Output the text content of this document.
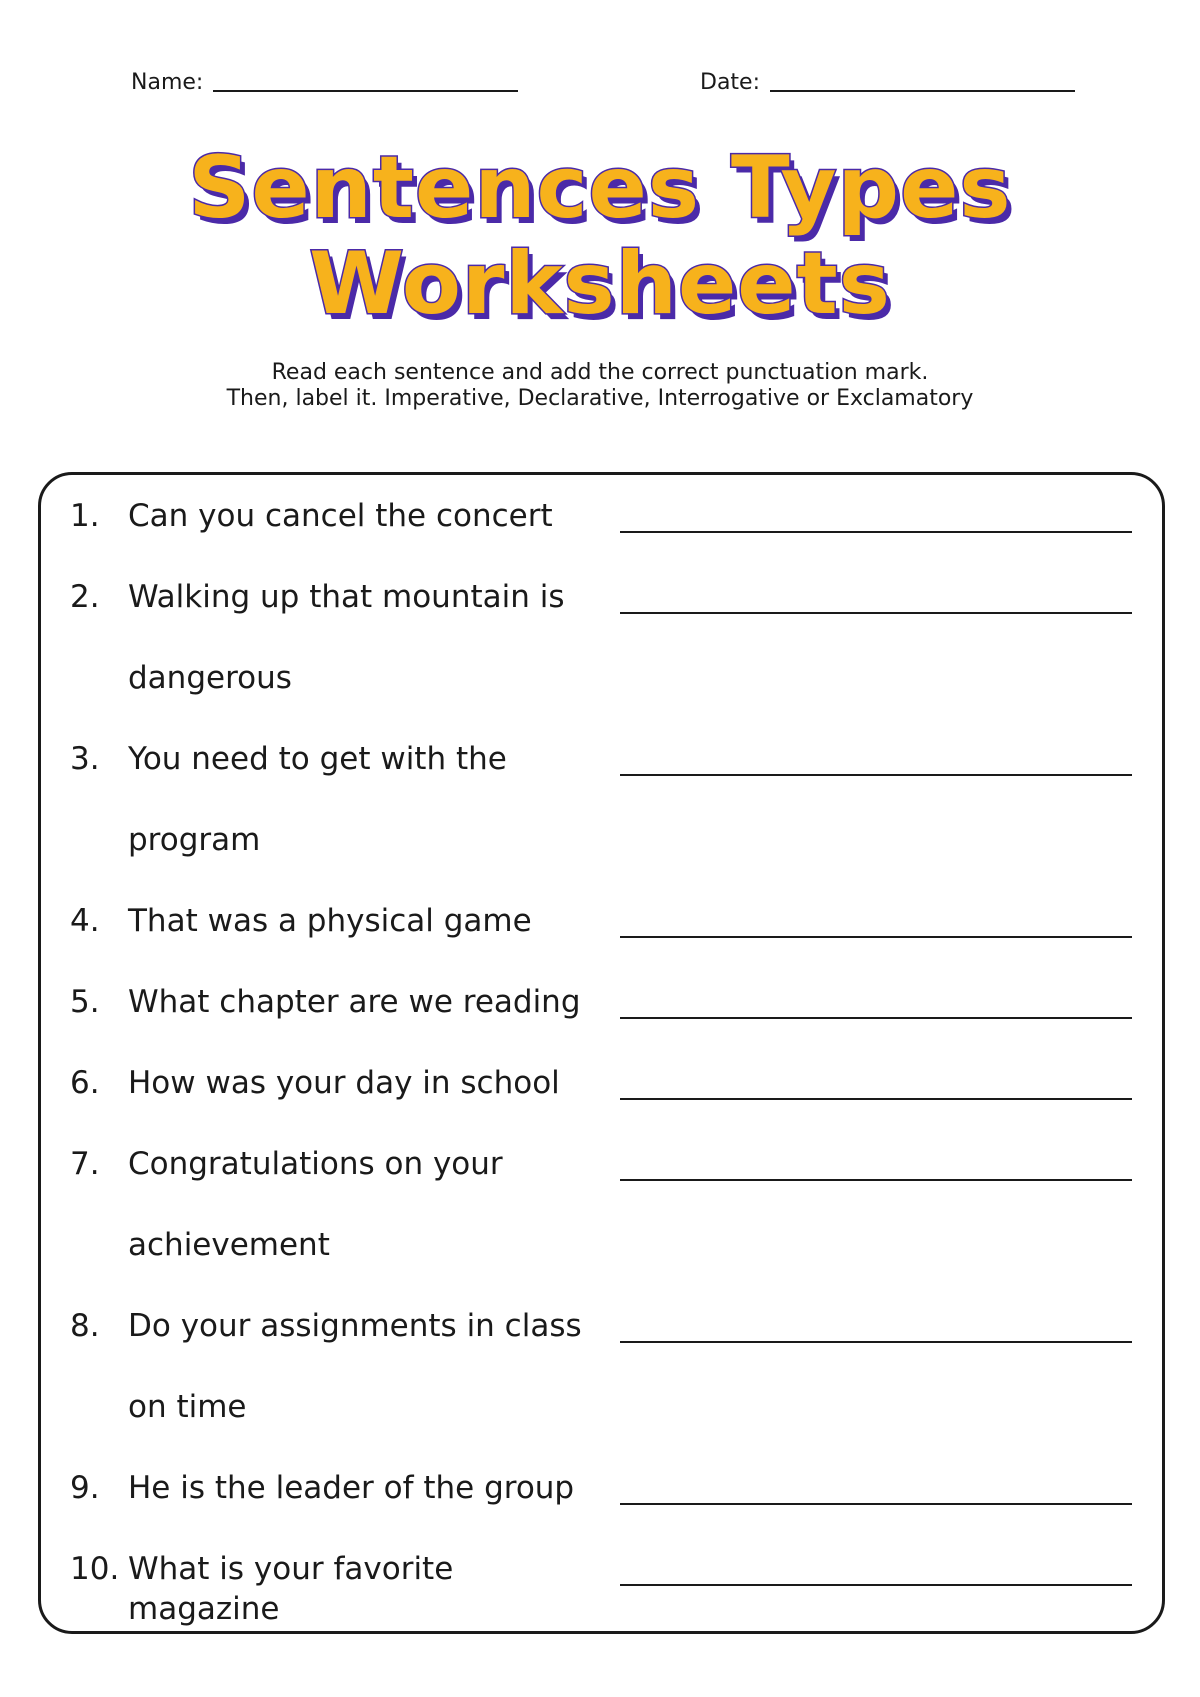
Name:	Date:
Sentences Types
Worksheets
Read each sentence and add the correct punctuation mark.
Then, label it. Imperative, Declarative, Interrogative or Exclamatory
1. Can you cancel the concert
2. Walking up that mountain is
dangerous
3. You need to get with the
program
4. That was a physical game
5. What chapter are we reading
6. How was your day in school
7. Congratulations on your
achievement
8. Do your assignments in class
on time
9. He is the leader of the group
10. What is your favorite magazine
